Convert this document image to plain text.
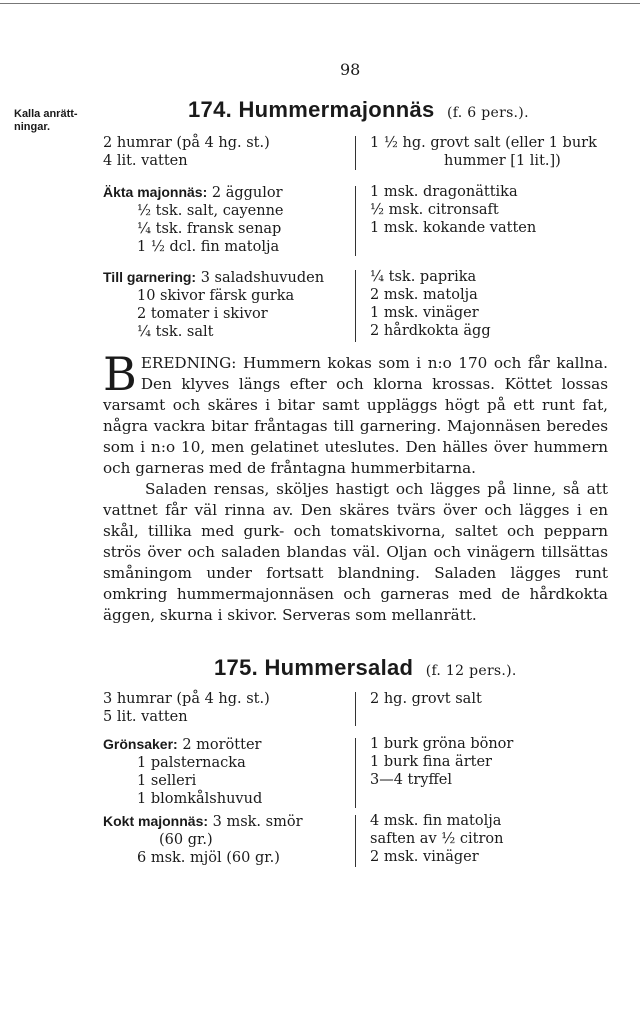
98
Kalla anrätt-ningar.
174. Hummermajonnäs (f. 6 pers.).
2 humrar (på 4 hg. st.)
4 lit. vatten
1 ½ hg. grovt salt (eller 1 burk
hummer [1 lit.])
Äkta majonnäs: 2 äggulor
½ tsk. salt, cayenne
¼ tsk. fransk senap
1 ½ dcl. fin matolja
1 msk. dragonättika
½ msk. citronsaft
1 msk. kokande vatten
Till garnering: 3 saladshuvuden
10 skivor färsk gurka
2 tomater i skivor
¼ tsk. salt
¼ tsk. paprika
2 msk. matolja
1 msk. vinäger
2 hårdkokta ägg

BEREDNING: Hummern kokas som i n:o 170 och får kallna. Den klyves längs efter och klorna krossas. Köttet lossas varsamt och skäres i bitar samt uppläggs högt på ett runt fat, några vackra bitar fråntagas till garnering. Majonnäsen beredes som i n:o 10, men gelatinet uteslutes. Den hälles över hummern och garneras med de fråntagna hummerbitarna.

Saladen rensas, sköljes hastigt och lägges på linne, så att vattnet får väl rinna av. Den skäres tvärs över och lägges i en skål, tillika med gurk- och tomatskivorna, saltet och pepparn strös över och saladen blandas väl. Oljan och vinägern tillsättas småningom under fortsatt blandning. Saladen lägges runt omkring hummermajonnäsen och garneras med de hårdkokta äggen, skurna i skivor. Serveras som mellanrätt.

175. Hummersalad (f. 12 pers.).
3 humrar (på 4 hg. st.)
5 lit. vatten
2 hg. grovt salt
Grönsaker: 2 morötter
1 palsternacka
1 selleri
1 blomkålshuvud
1 burk gröna bönor
1 burk fina ärter
3—4 tryffel
Kokt majonnäs: 3 msk. smör
(60 gr.)
6 msk. mjöl (60 gr.)
4 msk. fin matolja
saften av ½ citron
2 msk. vinäger
